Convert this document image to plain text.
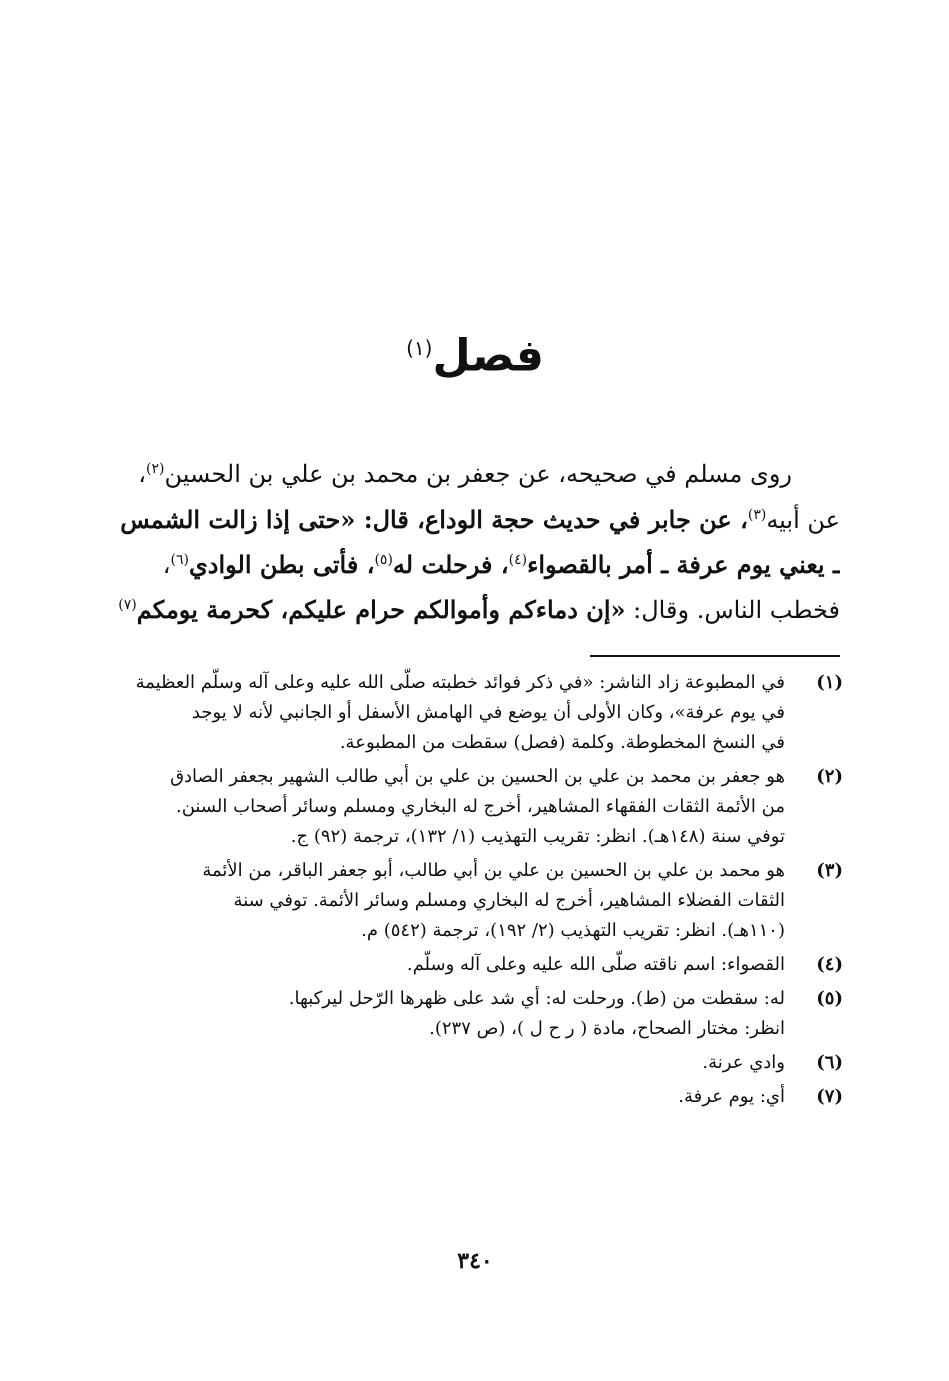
فصل$^{(١)}$
روى مسلم في صحيحه، عن جعفر بن محمد بن علي بن الحسين$^{(٢)}$،
عن أبيه$^{(٣)}$، عن جابر في حديث حجة الوداع، قال: «حتى إذا زالت الشمس
ـ يعني يوم عرفة ـ أمر بالقصواء$^{(٤)}$، فرحلت له$^{(٥)}$، فأتى بطن الوادي$^{(٦)}$،
فخطب الناس. وقال: «إن دماءكم وأموالكم حرام عليكم، كحرمة يومكم$^{(٧)}$
(١)
في المطبوعة زاد الناشر: «في ذكر فوائد خطبته صلّى الله عليه وعلى آله وسلّم العظيمة
في يوم عرفة»، وكان الأولى أن يوضع في الهامش الأسفل أو الجانبي لأنه لا يوجد
في النسخ المخطوطة. وكلمة (فصل) سقطت من المطبوعة.
(٢)
هو جعفر بن محمد بن علي بن الحسين بن علي بن أبي طالب الشهير بجعفر الصادق
من الأئمة الثقات الفقهاء المشاهير، أخرج له البخاري ومسلم وسائر أصحاب السنن.
توفي سنة (١٤٨هـ). انظر: تقريب التهذيب (١/ ١٣٢)، ترجمة (٩٢) ج.
(٣)
هو محمد بن علي بن الحسين بن علي بن أبي طالب، أبو جعفر الباقر، من الأئمة
الثقات الفضلاء المشاهير، أخرج له البخاري ومسلم وسائر الأئمة. توفي سنة
(١١٠هـ). انظر: تقريب التهذيب (٢/ ١٩٢)، ترجمة (٥٤٢) م.
(٤)
القصواء: اسم ناقته صلّى الله عليه وعلى آله وسلّم.
(٥)
له: سقطت من (ط). ورحلت له: أي شد على ظهرها الرّحل ليركبها.
انظر: مختار الصحاح، مادة ( ر ح ل )، (ص ٢٣٧).
(٦)
وادي عرنة.
(٧)
أي: يوم عرفة.
٣٤٠
